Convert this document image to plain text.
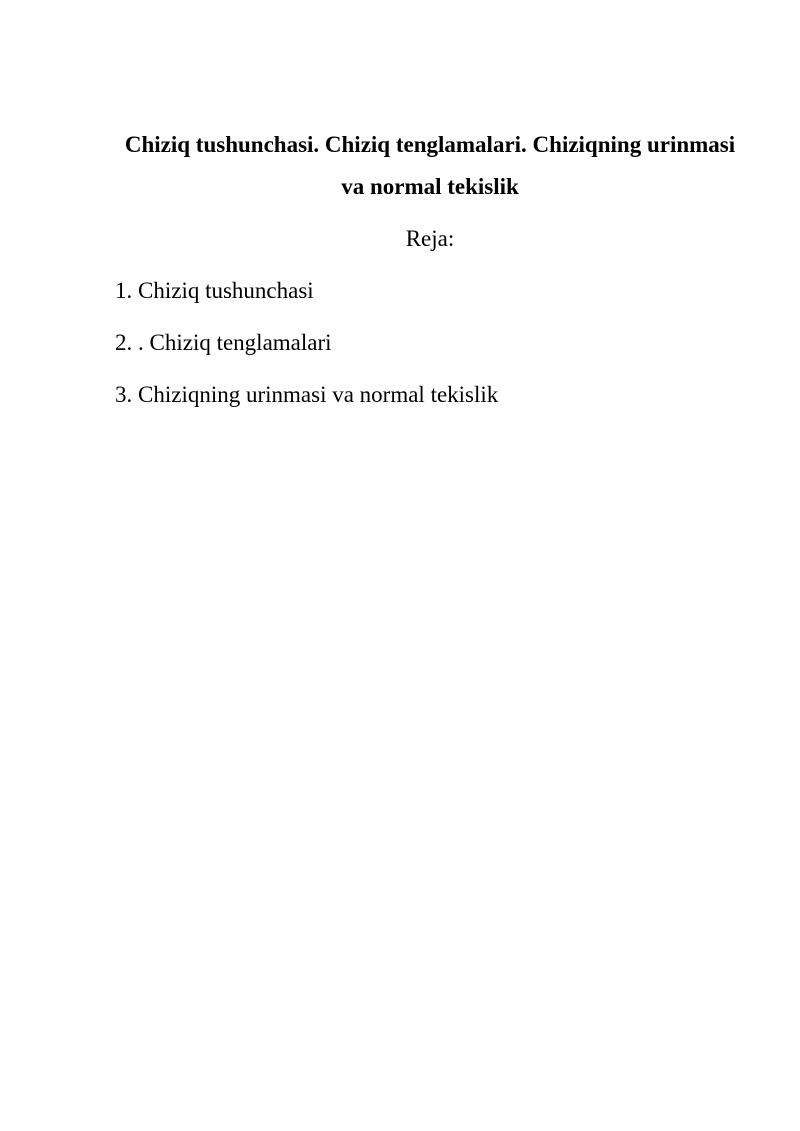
Chiziq tushunchasi. Chiziq tenglamalari. Chiziqning urinmasi va normal tekislik
Reja:
1. Chiziq tushunchasi
2. . Chiziq tenglamalari
3. Chiziqning urinmasi va normal tekislik
